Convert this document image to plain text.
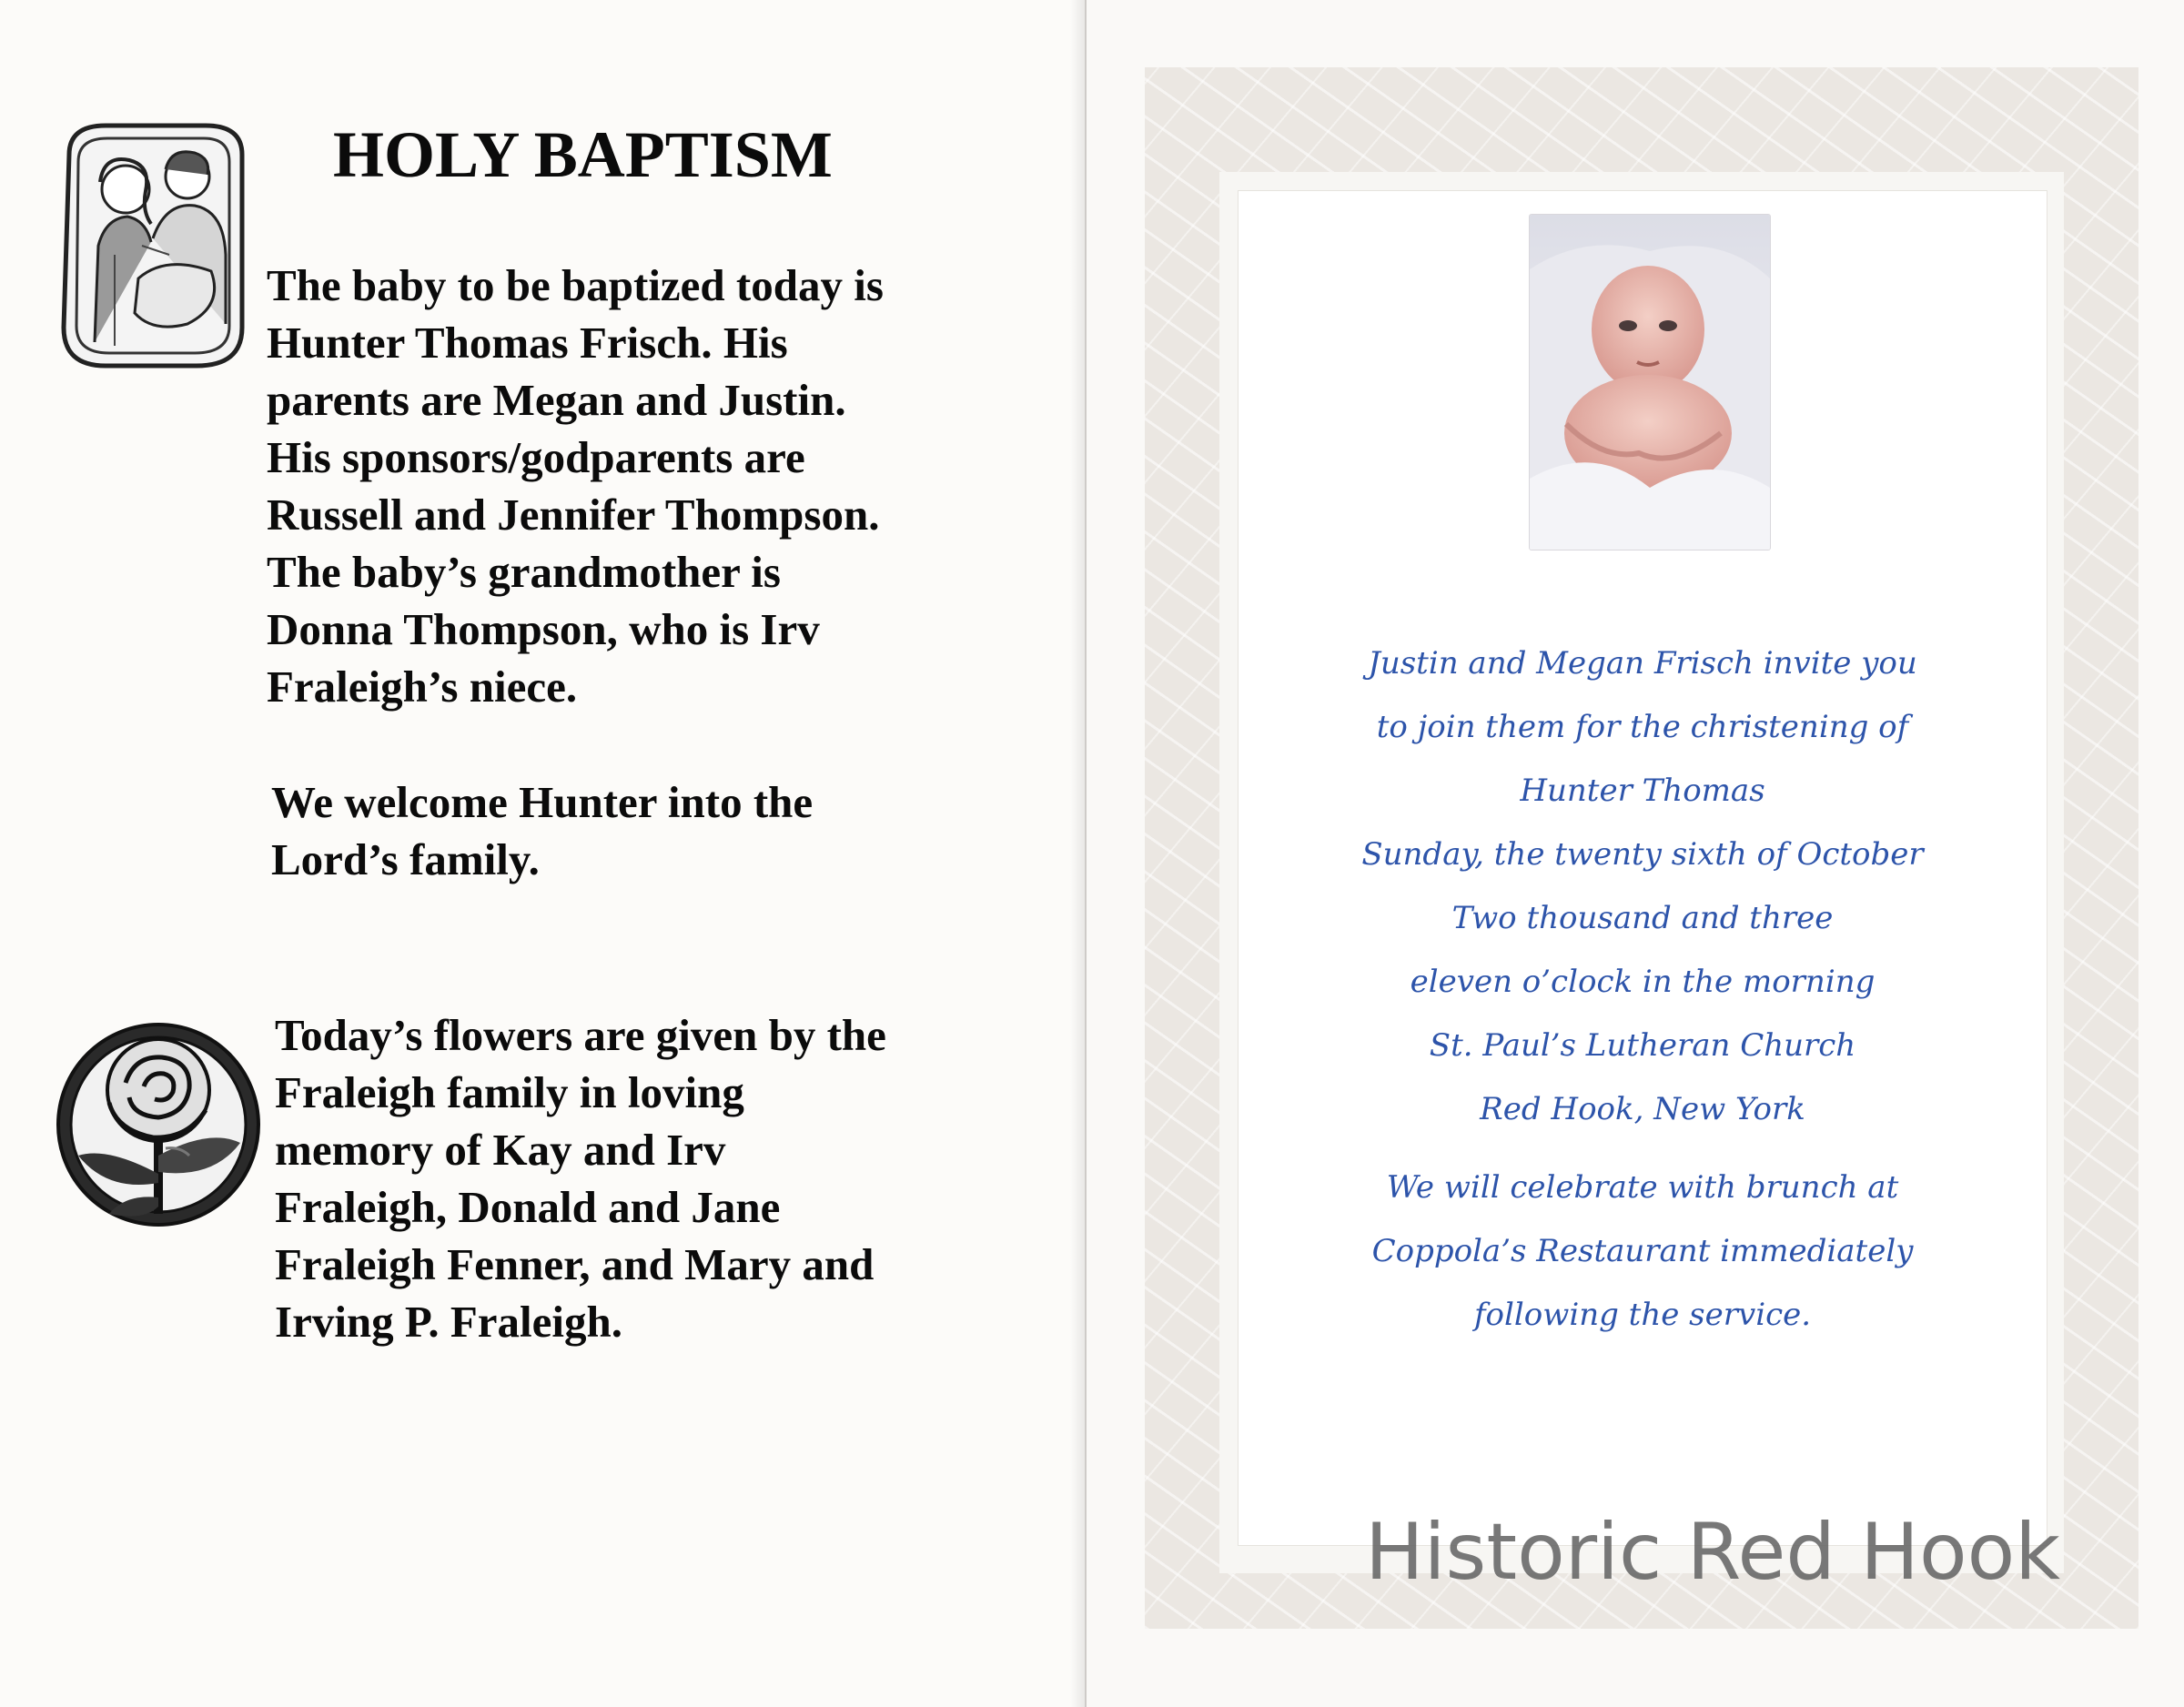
HOLY BAPTISM
The baby to be baptized today is
Hunter Thomas Frisch. His
parents are Megan and Justin.
His sponsors/godparents are
Russell and Jennifer Thompson.
The baby’s grandmother is
Donna Thompson, who is Irv
Fraleigh’s niece.
We welcome Hunter into the
Lord’s family.
Today’s flowers are given by the
Fraleigh family in loving
memory of Kay and Irv
Fraleigh, Donald and Jane
Fraleigh Fenner, and Mary and
Irving P. Fraleigh.
Justin and Megan Frisch invite you
to join them for the christening of
Hunter Thomas
Sunday, the twenty sixth of October
Two thousand and three
eleven o’clock in the morning
St. Paul’s Lutheran Church
Red Hook, New York
We will celebrate with brunch at
Coppola’s Restaurant immediately
following the service.
Historic Red Hook
